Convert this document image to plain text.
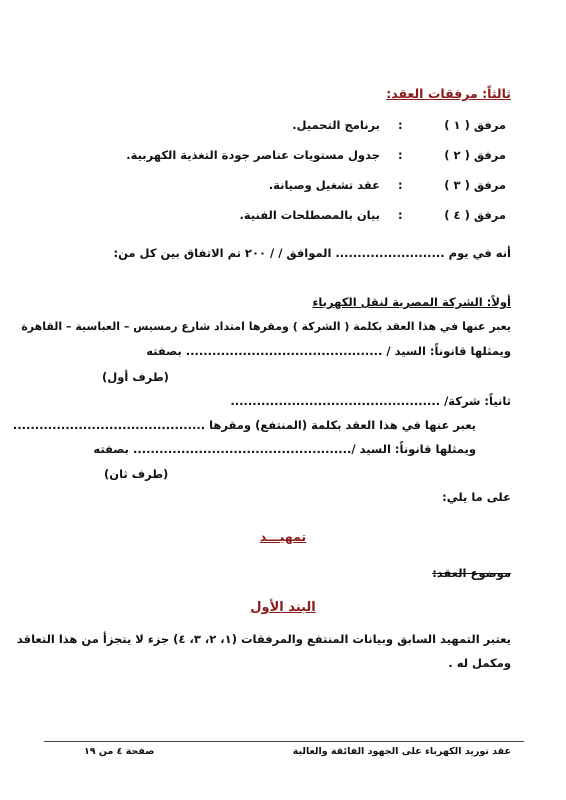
ثالثاً: مرفقات العقد:
مرفق ( ١ )
:
برنامج التحميل.
مرفق ( ٢ )
:
جدول مستويات عناصر جودة التغذية الكهربية.
مرفق ( ٣ )
:
عقد تشغيل وصيانة.
مرفق ( ٤ )
:
بيان بالمصطلحات الفنية.
أنه في يوم ......................... الموافق / / ٢٠٠ تم الاتفاق بين كل من:
أولاً: الشركة المصرية لنقل الكهرباء
يعبر عنها في هذا العقد بكلمة ( الشركة ) ومقرها امتداد شارع رمسيس – العباسية – القاهرة
ويمثلها قانوناً: السيد / ............................................. بصفته
(طرف أول)
ثانياً: شركة/ ................................................
يعبر عنها في هذا العقد بكلمة (المنتفع) ومقرها ............................................
ويمثلها قانوناً: السيد /.................................................. بصفته
(طرف ثان)
على ما يلي:
تمهيـــد
موضوع العقد:
البند الأول
يعتبر التمهيد السابق وبيانات المنتفع والمرفقات (١، ٢، ٣، ٤) جزء لا يتجزأ من هذا التعاقد
ومكمل له .
صفحة ٤ من ١٩	عقد توريد الكهرباء على الجهود الفائقة والعالية
